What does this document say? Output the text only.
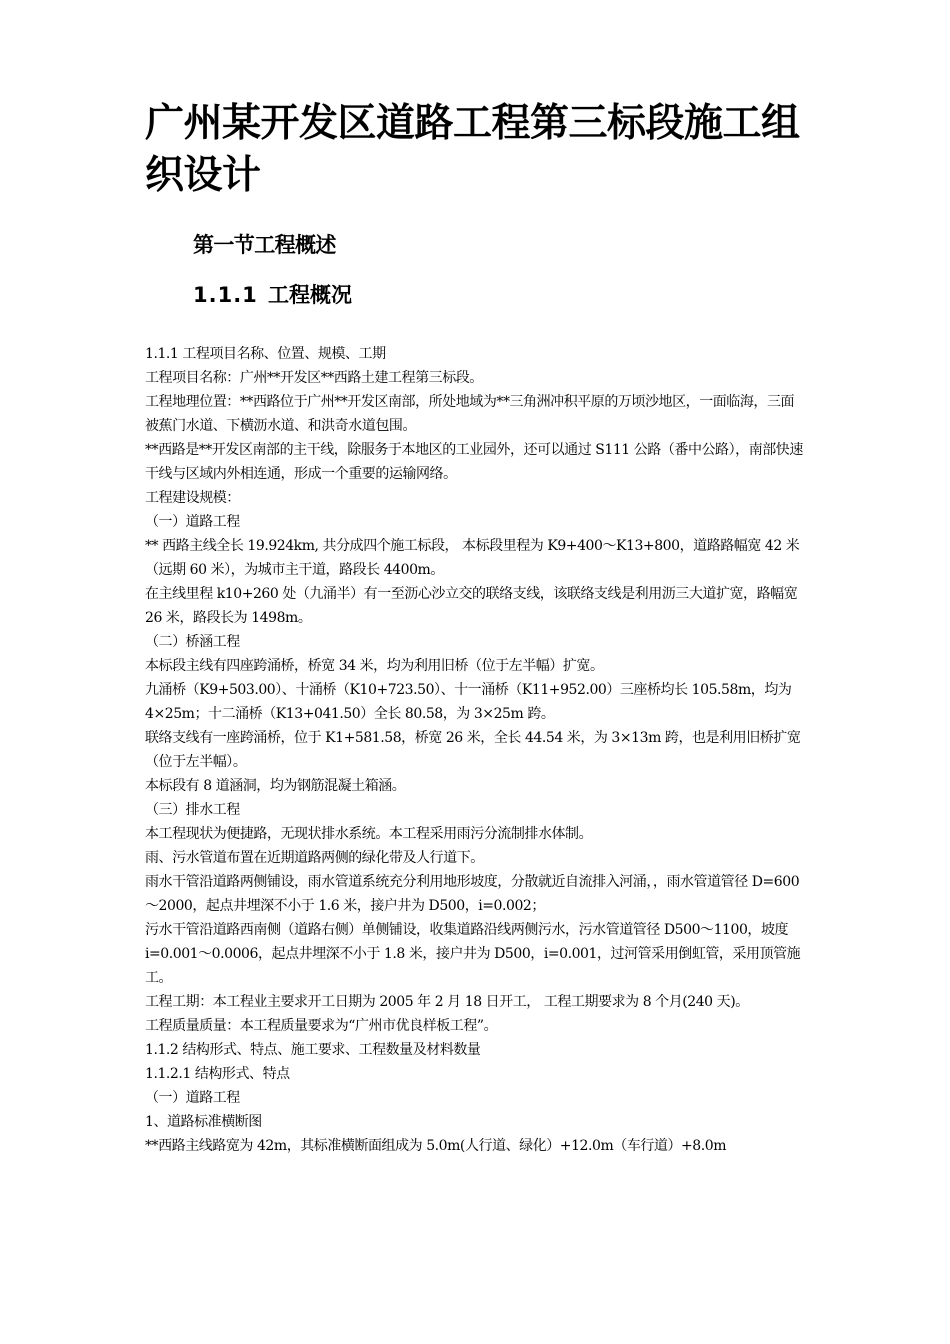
广州某开发区道路工程第三标段施工组织设计
第一节工程概述
1.1.1 工程概况

1.1.1 工程项目名称、位置、规模、工期

工程项目名称：广州**开发区**西路土建工程第三标段。

工程地理位置：**西路位于广州**开发区南部，所处地域为**三角洲冲积平原的万顷沙地区，一面临海，三面被蕉门水道、下横沥水道、和洪奇水道包围。

**西路是**开发区南部的主干线，除服务于本地区的工业园外，还可以通过 S111 公路（番中公路），南部快速干线与区域内外相连通，形成一个重要的运输网络。

工程建设规模：

（一）道路工程

** 西路主线全长 19.924km, 共分成四个施工标段， 本标段里程为 K9+400～K13+800，道路路幅宽 42 米（远期 60 米），为城市主干道，路段长 4400m。

在主线里程 k10+260 处（九涌半）有一至沥心沙立交的联络支线，该联络支线是利用沥三大道扩宽，路幅宽 26 米，路段长为 1498m。

（二）桥涵工程

本标段主线有四座跨涌桥，桥宽 34 米，均为利用旧桥（位于左半幅）扩宽。

九涌桥（K9+503.00）、十涌桥（K10+723.50）、十一涌桥（K11+952.00）三座桥均长 105.58m，均为 4×25m；十二涌桥（K13+041.50）全长 80.58，为 3×25m 跨。

联络支线有一座跨涌桥，位于 K1+581.58，桥宽 26 米，全长 44.54 米，为 3×13m 跨，也是利用旧桥扩宽（位于左半幅）。

本标段有 8 道涵洞，均为钢筋混凝土箱涵。

（三）排水工程

本工程现状为便捷路，无现状排水系统。本工程采用雨污分流制排水体制。

雨、污水管道布置在近期道路两侧的绿化带及人行道下。

雨水干管沿道路两侧铺设，雨水管道系统充分利用地形坡度，分散就近自流排入河涌，，雨水管道管径 D=600～2000，起点井埋深不小于 1.6 米，接户井为 D500，i=0.002；

污水干管沿道路西南侧（道路右侧）单侧铺设，收集道路沿线两侧污水，污水管道管径 D500～1100，坡度 i=0.001～0.0006，起点井埋深不小于 1.8 米，接户井为 D500，i=0.001，过河管采用倒虹管，采用顶管施工。

工程工期：本工程业主要求开工日期为 2005 年 2 月 18 日开工， 工程工期要求为 8 个月(240 天)。

工程质量质量：本工程质量要求为“广州市优良样板工程”。

1.1.2 结构形式、特点、施工要求、工程数量及材料数量

1.1.2.1 结构形式、特点

（一）道路工程

1、道路标准横断图

**西路主线路宽为 42m，其标准横断面组成为 5.0m(人行道、绿化）+12.0m（车行道）+8.0m
